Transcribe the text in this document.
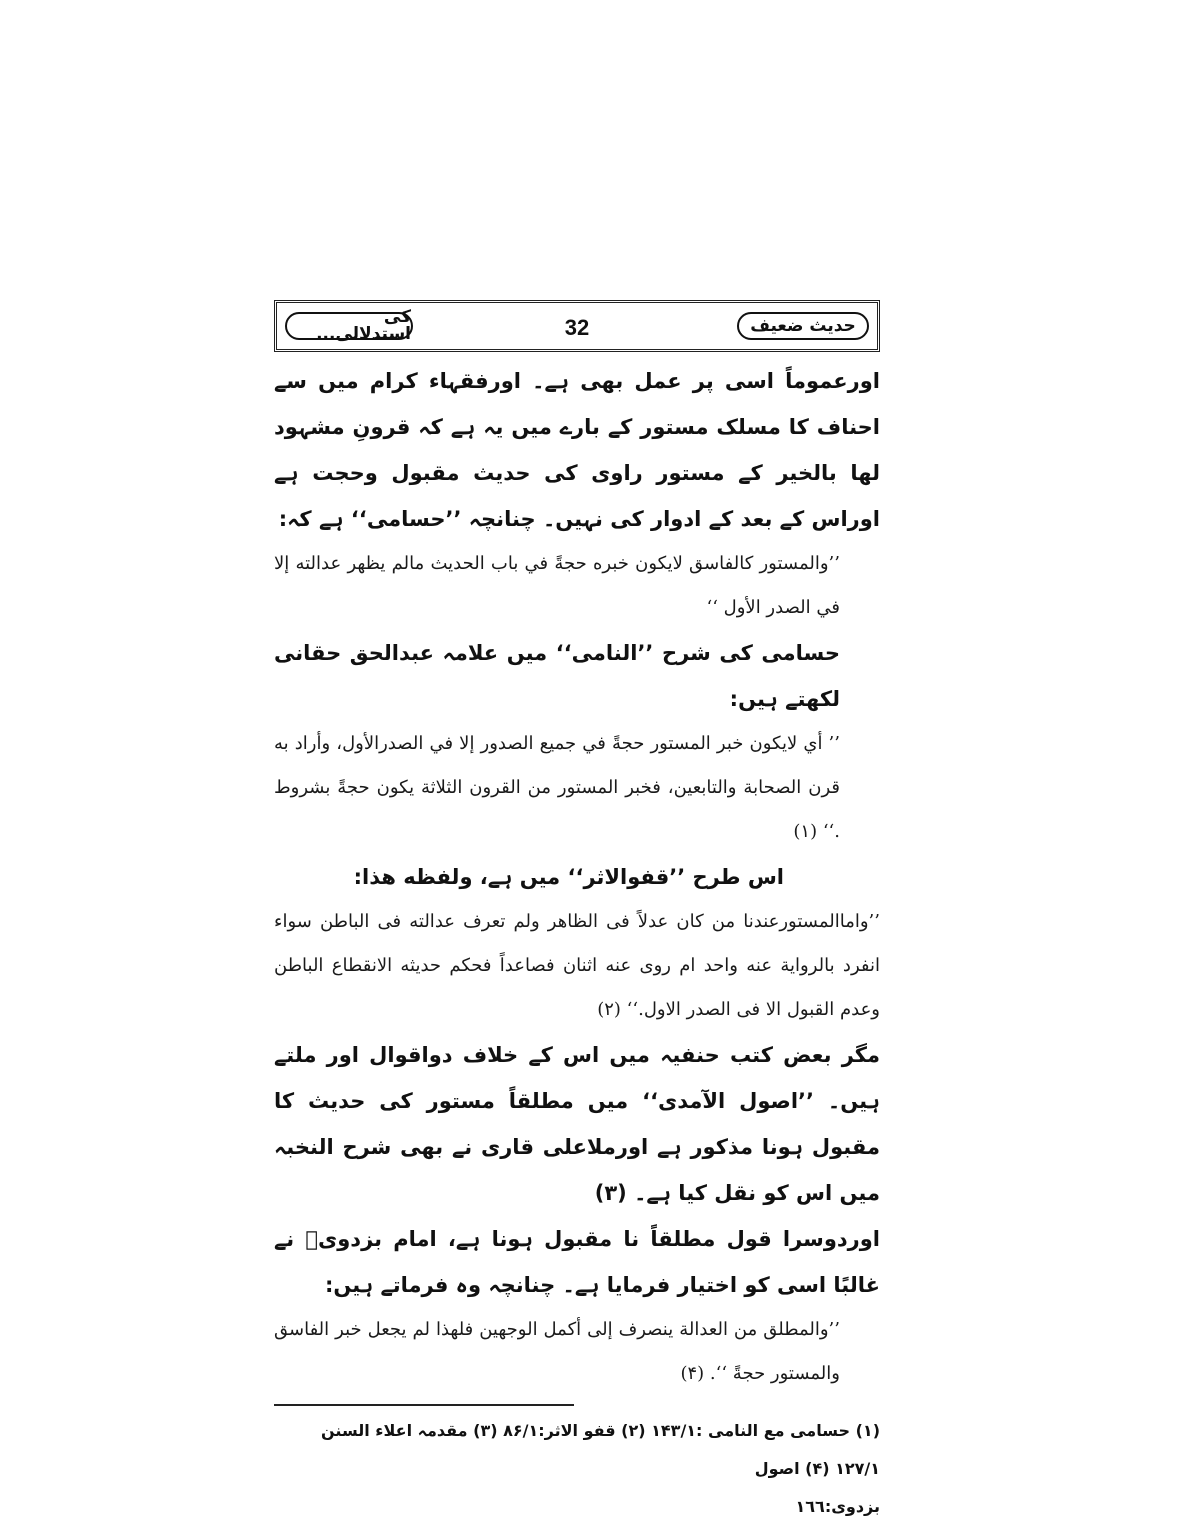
حدیث ضعیف
32
کی استدلالی...

اورعموماً اسی پر عمل بھی ہے۔ اورفقہاء کرام میں سے احناف کا مسلک مستور کے بارے میں یہ ہے کہ قرونِ مشہود لھا بالخیر کے مستور راوی کی حدیث مقبول وحجت ہے اوراس کے بعد کے ادوار کی نہیں۔ چنانچہ ’’حسامی‘‘ ہے کہ:

’’والمستور كالفاسق لايكون خبره حجةً في باب الحديث مالم يظهر عدالته إلا في الصدر الأول ‘‘

حسامی کی شرح ’’النامی‘‘ میں علامہ عبدالحق حقانی لکھتے ہیں:

’’ أي لايكون خبر المستور حجةً في جميع الصدور إلا في الصدرالأول، وأراد به قرن الصحابة والتابعين، فخبر المستور من القرون الثلاثة يكون حجةً بشروط .‘‘ (۱)

اس طرح ’’قفوالاثر‘‘ میں ہے، ولفظه هذا:

’’واماالمستورعندنا من كان عدلاً فى الظاهر ولم تعرف عدالته فى الباطن سواء انفرد بالرواية عنه واحد ام روى عنه اثنان فصاعداً فحكم حديثه الانقطاع الباطن وعدم القبول الا فى الصدر الاول.‘‘ (۲)

مگر بعض کتب حنفیہ میں اس کے خلاف دواقوال اور ملتے ہیں۔ ’’اصول الآمدی‘‘ میں مطلقاً مستور کی حدیث کا مقبول ہونا مذکور ہے اورملاعلی قاری نے بھی شرح النخبہ میں اس کو نقل کیا ہے۔ (۳)

اوردوسرا قول مطلقاً نا مقبول ہونا ہے، امام بزدویؒ نے غالبًا اسی کو اختیار فرمایا ہے۔ چنانچہ وہ فرماتے ہیں:

’’والمطلق من العدالة ينصرف إلى أكمل الوجهين فلهذا لم يجعل خبر الفاسق والمستور حجةً ‘‘. (۴)

(۱) حسامی مع النامی :۱۴۳/۱ (۲) قفو الاثر:۸۶/۱ (۳) مقدمہ اعلاء السنن ۱۲۷/۱ (۴) اصول

بزدوی:۱٦٦
